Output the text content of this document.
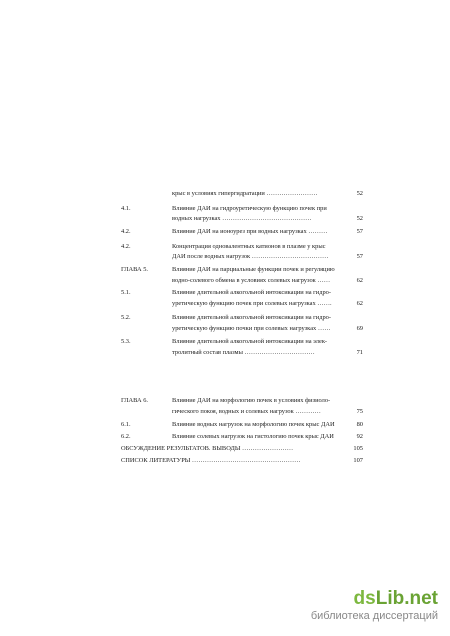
крыс в условиях гипергидратации ……………………	52
4.1.	Влияние ДАИ на гидроуретическую функцию почек при
водных нагрузках ……………………………………	52
4.2.	Влияние ДАИ на ионоурез при водных нагрузках ………	57
4.2.	Концентрация одновалентных катионов в плазме у крыс
ДАИ после водных нагрузок ………………………………	57
ГЛАВА 5.	Влияние ДАИ на парциальные функции почек и регуляцию
водно-солевого обмена в условиях солевых нагрузок ……	62
5.1.	Влияние длительной алкогольной интоксикации на гидро-
уретическую функцию почек при солевых нагрузках …….	62
5.2.	Влияние длительной алкогольной интоксикации на гидро-
уретическую функцию почки при солевых нагрузках ……	69
5.3.	Влияние длительной алкогольной интоксикации на элек-
тролитный состав плазмы ……………………………	71
ГЛАВА 6.	Влияние ДАИ на морфологию почек в условиях физиоло-
гического покоя, водных и солевых нагрузок …………	75
6.1.	Влияние водных нагрузок на морфологию почек крыс ДАИ	80
6.2.	Влияние солевых нагрузок на гистологию почек крыс ДАИ	92
ОБСУЖДЕНИЕ РЕЗУЛЬТАТОВ. ВЫВОДЫ ……………………	105
СПИСОК ЛИТЕРАТУРЫ ……………………………………………	107
dsLib.net
библиотека диссертаций
